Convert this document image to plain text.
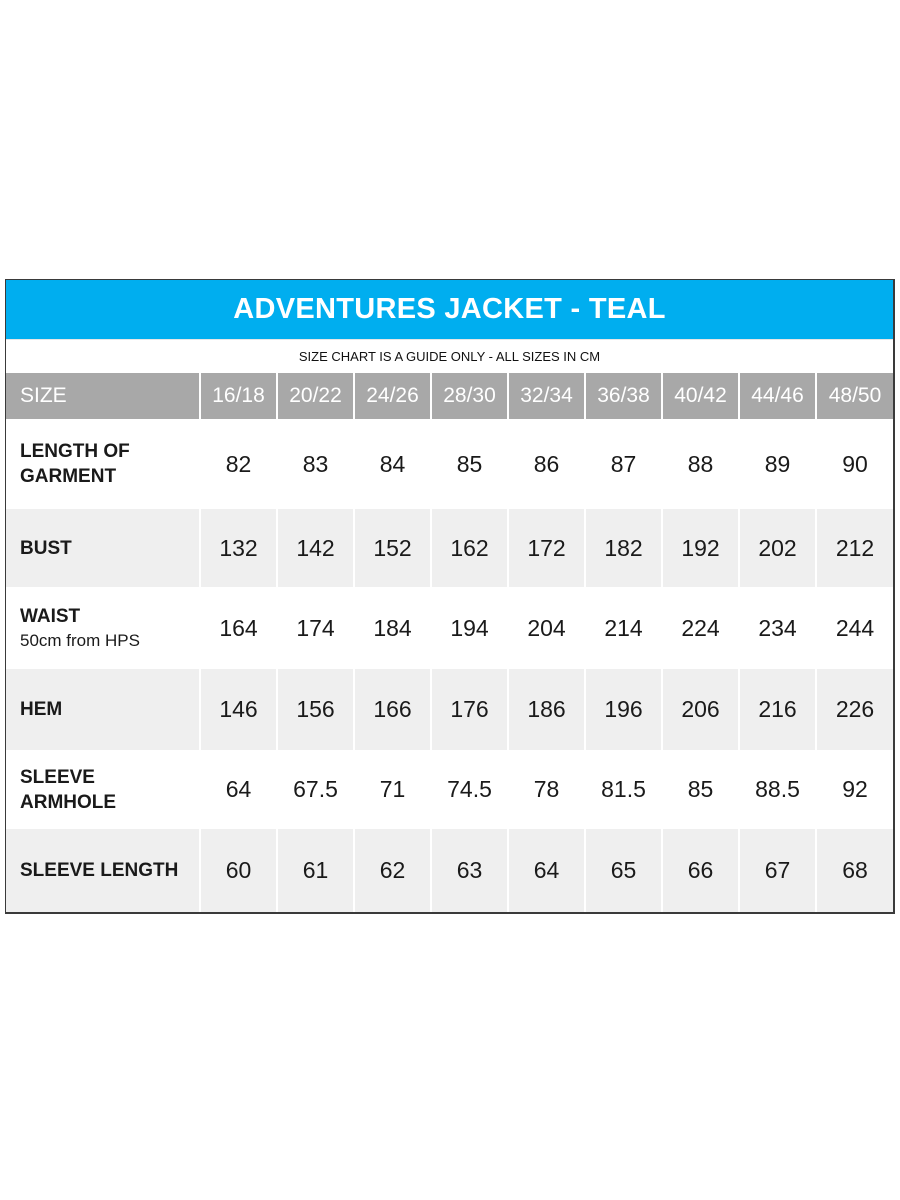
ADVENTURES JACKET - TEAL
SIZE CHART IS A GUIDE ONLY - ALL SIZES IN CM
SIZE	16/18	20/22	24/26	28/30	32/34	36/38	40/42	44/46	48/50

LENGTH OF
GARMENT	82	83	84	85	86	87	88	89	90

BUST	132	142	152	162	172	182	192	202	212

WAIST
50cm from HPS	164	174	184	194	204	214	224	234	244

HEM	146	156	166	176	186	196	206	216	226

SLEEVE
ARMHOLE	64	67.5	71	74.5	78	81.5	85	88.5	92

SLEEVE LENGTH	60	61	62	63	64	65	66	67	68
